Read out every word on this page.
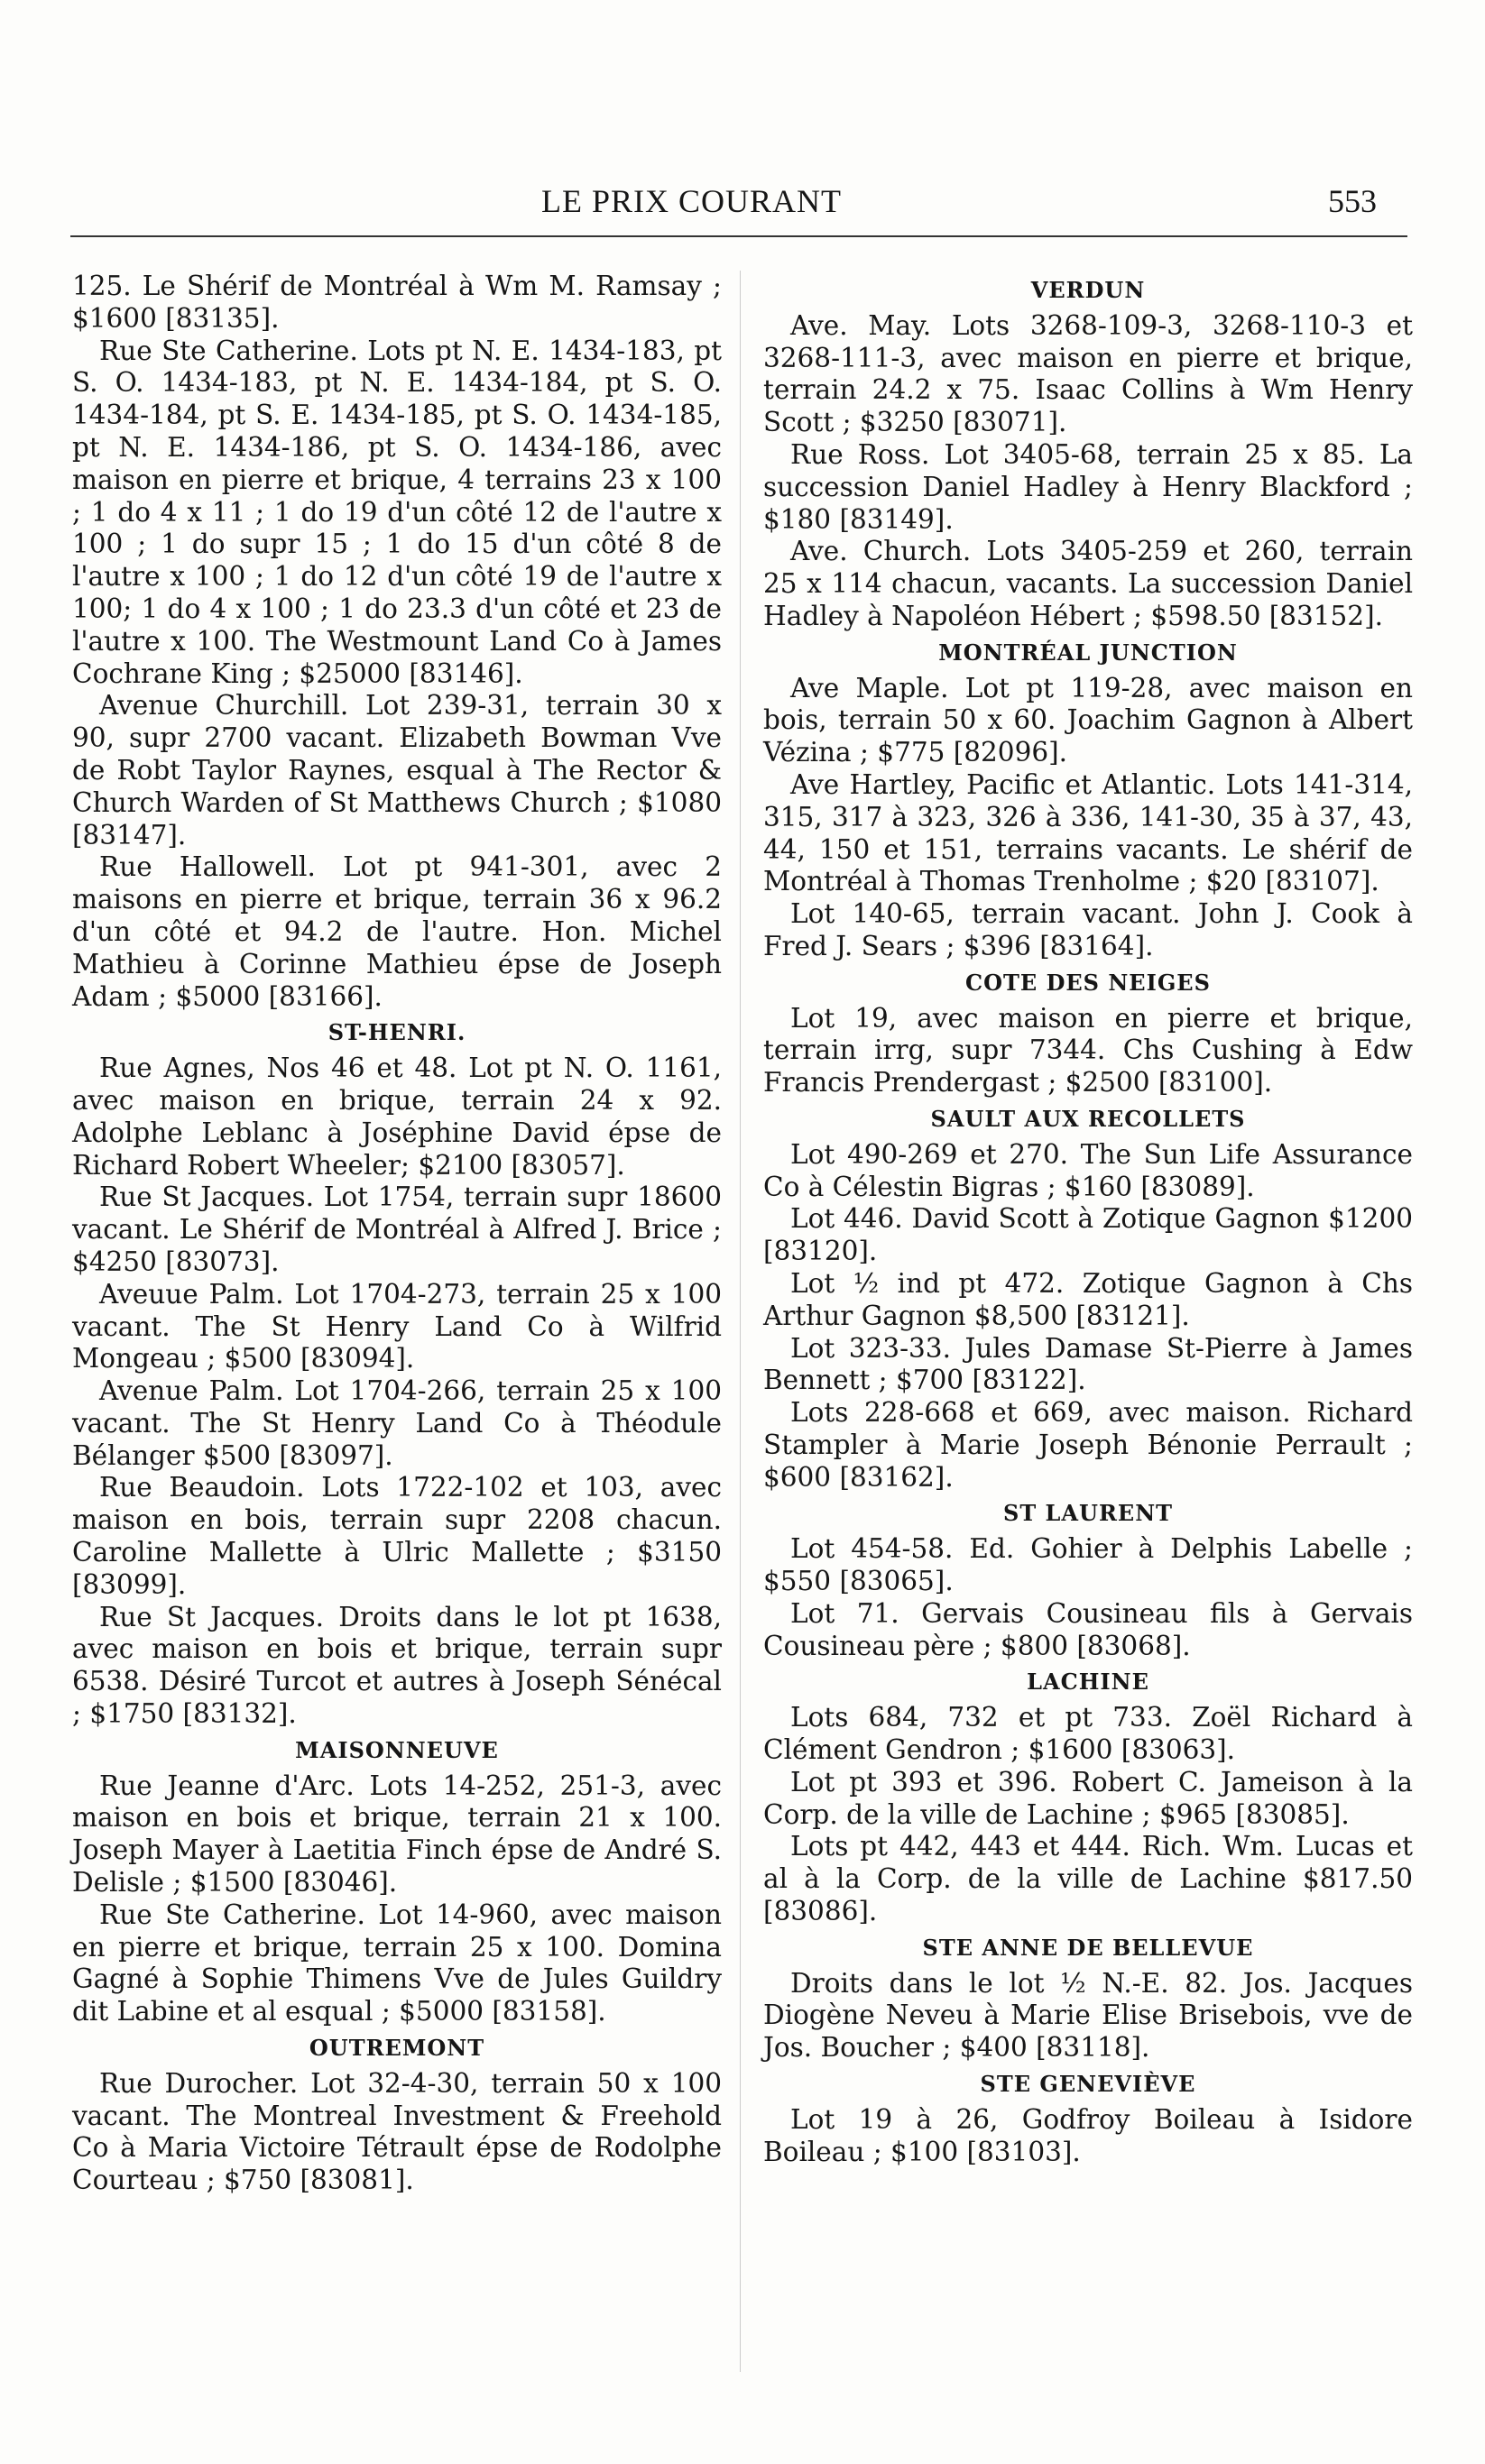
LE PRIX COURANT	553

125. Le Shérif de Montréal à Wm M. Ramsay ; $1600 [83135].

Rue Ste Catherine. Lots pt N. E. 1434-183, pt S. O. 1434-183, pt N. E. 1434-184, pt S. O. 1434-184, pt S. E. 1434-185, pt S. O. 1434-185, pt N. E. 1434-186, pt S. O. 1434-186, avec maison en pierre et brique, 4 terrains 23 x 100 ; 1 do 4 x 11 ; 1 do 19 d'un côté 12 de l'autre x 100 ; 1 do supr 15 ; 1 do 15 d'un côté 8 de l'autre x 100 ; 1 do 12 d'un côté 19 de l'autre x 100; 1 do 4 x 100 ; 1 do 23.3 d'un côté et 23 de l'autre x 100. The Westmount Land Co à James Cochrane King ; $25000 [83146].

Avenue Churchill. Lot 239-31, terrain 30 x 90, supr 2700 vacant. Elizabeth Bowman Vve de Robt Taylor Raynes, esqual à The Rector & Church Warden of St Matthews Church ; $1080 [83147].

Rue Hallowell. Lot pt 941-301, avec 2 maisons en pierre et brique, terrain 36 x 96.2 d'un côté et 94.2 de l'autre. Hon. Michel Mathieu à Corinne Mathieu épse de Joseph Adam ; $5000 [83166].

ST-HENRI.

Rue Agnes, Nos 46 et 48. Lot pt N. O. 1161, avec maison en brique, terrain 24 x 92. Adolphe Leblanc à Joséphine David épse de Richard Robert Wheeler; $2100 [83057].

Rue St Jacques. Lot 1754, terrain supr 18600 vacant. Le Shérif de Montréal à Alfred J. Brice ; $4250 [83073].

Aveuue Palm. Lot 1704-273, terrain 25 x 100 vacant. The St Henry Land Co à Wilfrid Mongeau ; $500 [83094].

Avenue Palm. Lot 1704-266, terrain 25 x 100 vacant. The St Henry Land Co à Théodule Bélanger $500 [83097].

Rue Beaudoin. Lots 1722-102 et 103, avec maison en bois, terrain supr 2208 chacun. Caroline Mallette à Ulric Mallette ; $3150 [83099].

Rue St Jacques. Droits dans le lot pt 1638, avec maison en bois et brique, terrain supr 6538. Désiré Turcot et autres à Joseph Sénécal ; $1750 [83132].

MAISONNEUVE

Rue Jeanne d'Arc. Lots 14-252, 251-3, avec maison en bois et brique, terrain 21 x 100. Joseph Mayer à Laetitia Finch épse de André S. Delisle ; $1500 [83046].

Rue Ste Catherine. Lot 14-960, avec maison en pierre et brique, terrain 25 x 100. Domina Gagné à Sophie Thimens Vve de Jules Guildry dit Labine et al esqual ; $5000 [83158].

OUTREMONT

Rue Durocher. Lot 32-4-30, terrain 50 x 100 vacant. The Montreal Investment & Freehold Co à Maria Victoire Tétrault épse de Rodolphe Courteau ; $750 [83081].

VERDUN

Ave. May. Lots 3268-109-3, 3268-110-3 et 3268-111-3, avec maison en pierre et brique, terrain 24.2 x 75. Isaac Collins à Wm Henry Scott ; $3250 [83071].

Rue Ross. Lot 3405-68, terrain 25 x 85. La succession Daniel Hadley à Henry Blackford ; $180 [83149].

Ave. Church. Lots 3405-259 et 260, terrain 25 x 114 chacun, vacants. La succession Daniel Hadley à Napoléon Hébert ; $598.50 [83152].

MONTRÉAL JUNCTION

Ave Maple. Lot pt 119-28, avec maison en bois, terrain 50 x 60. Joachim Gagnon à Albert Vézina ; $775 [82096].

Ave Hartley, Pacific et Atlantic. Lots 141-314, 315, 317 à 323, 326 à 336, 141-30, 35 à 37, 43, 44, 150 et 151, terrains vacants. Le shérif de Montréal à Thomas Trenholme ; $20 [83107].

Lot 140-65, terrain vacant. John J. Cook à Fred J. Sears ; $396 [83164].

COTE DES NEIGES

Lot 19, avec maison en pierre et brique, terrain irrg, supr 7344. Chs Cushing à Edw Francis Prendergast ; $2500 [83100].

SAULT AUX RECOLLETS

Lot 490-269 et 270. The Sun Life Assurance Co à Célestin Bigras ; $160 [83089].

Lot 446. David Scott à Zotique Gagnon $1200 [83120].

Lot ½ ind pt 472. Zotique Gagnon à Chs Arthur Gagnon $8,500 [83121].

Lot 323-33. Jules Damase St-Pierre à James Bennett ; $700 [83122].

Lots 228-668 et 669, avec maison. Richard Stampler à Marie Joseph Bénonie Perrault ; $600 [83162].

ST LAURENT

Lot 454-58. Ed. Gohier à Delphis Labelle ; $550 [83065].

Lot 71. Gervais Cousineau fils à Gervais Cousineau père ; $800 [83068].

LACHINE

Lots 684, 732 et pt 733. Zoël Richard à Clément Gendron ; $1600 [83063].

Lot pt 393 et 396. Robert C. Jameison à la Corp. de la ville de Lachine ; $965 [83085].

Lots pt 442, 443 et 444. Rich. Wm. Lucas et al à la Corp. de la ville de Lachine $817.50 [83086].

STE ANNE DE BELLEVUE

Droits dans le lot ½ N.-E. 82. Jos. Jacques Diogène Neveu à Marie Elise Brisebois, vve de Jos. Boucher ; $400 [83118].

STE GENEVIÈVE

Lot 19 à 26, Godfroy Boileau à Isidore Boileau ; $100 [83103].
